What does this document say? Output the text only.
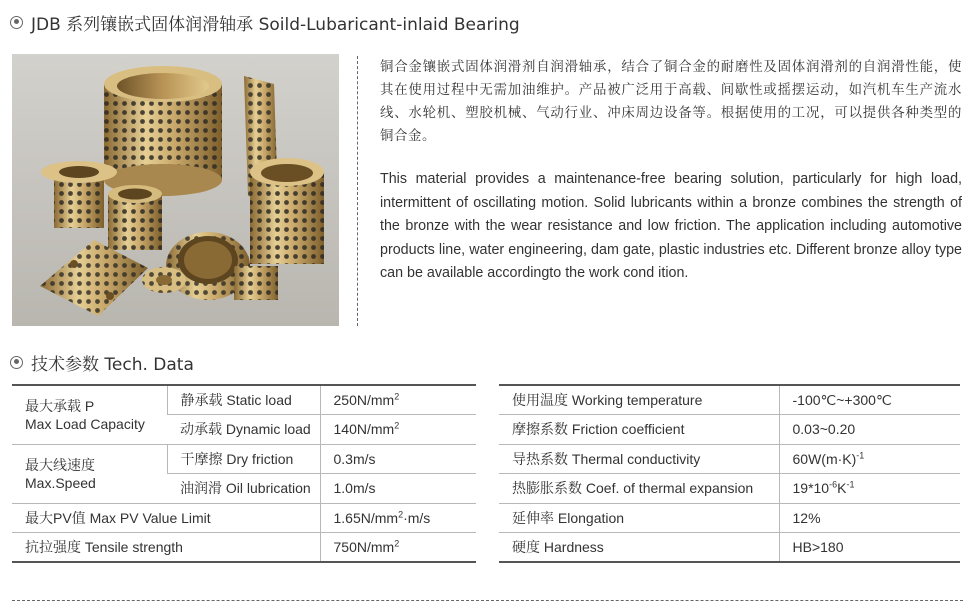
JDB 系列镶嵌式固体润滑轴承 Soild-Lubaricant-inlaid Bearing

铜合金镶嵌式固体润滑剂自润滑轴承，结合了铜合金的耐磨性及固体润滑剂的自润滑性能，使其在使用过程中无需加油维护。产品被广泛用于高载、间歇性或摇摆运动，如汽机车生产流水线、水轮机、塑胶机械、气动行业、冲床周边设备等。根据使用的工况，可以提供各种类型的铜合金。

This material provides a maintenance-free bearing solution, particularly for high load, intermittent of oscillating motion. Solid lubricants within a bronze combines the strength of the bronze with the wear resistance and low friction. The application including automotive products line, water engineering, dam gate, plastic industries etc. Different bronze alloy type can be available accordingto the work cond ition.

技术参数 Tech. Data
最大承载 P
Max Load Capacity	静承载 Static load	$250N/mm^2$
	动承载 Dynamic load	$140N/mm^2$

最大线速度
Max.Speed	干摩擦 Dry friction	0.3m/s
	油润滑 Oil lubrication	1.0m/s
最大PV值 Max PV Value Limit		$1.65N/mm^2\cdot m/s$
抗拉强度 Tensile strength		$750N/mm^2$
使用温度 Working temperature	-100℃~+300℃
摩擦系数 Friction coefficient	0.03~0.20
导热系数 Thermal conductivity	$60W(m\cdot K)^{-1}$
热膨胀系数 Coef. of thermal expansion	$19*10^{-6}K^{-1}$
延伸率 Elongation	12%
硬度 Hardness	HB>180
